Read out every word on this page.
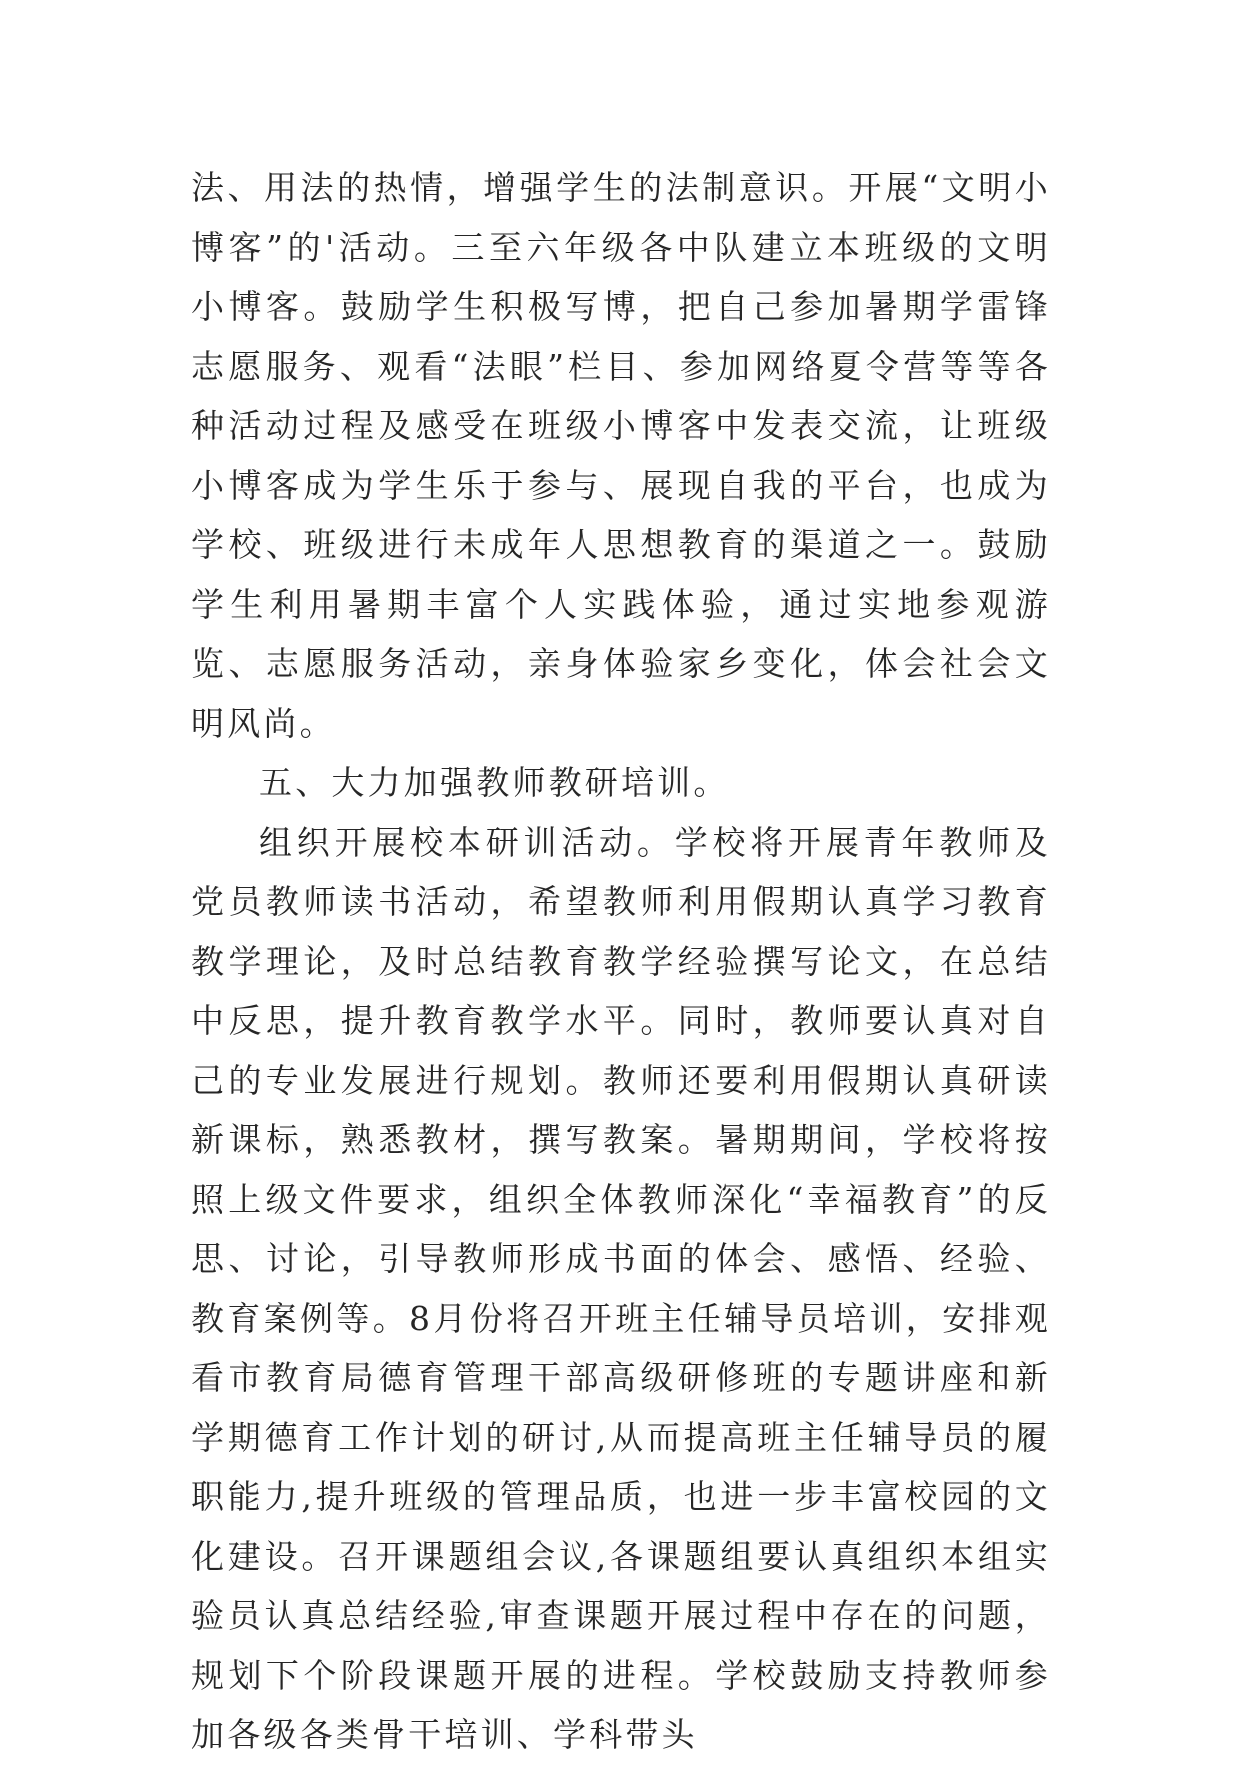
法、用法的热情，增强学生的法制意识。开展“文明小博客”的'活动。三至六年级各中队建立本班级的文明小博客。鼓励学生积极写博，把自己参加暑期学雷锋志愿服务、观看“法眼”栏目、参加网络夏令营等等各种活动过程及感受在班级小博客中发表交流，让班级小博客成为学生乐于参与、展现自我的平台，也成为学校、班级进行未成年人思想教育的渠道之一。鼓励学生利用暑期丰富个人实践体验，通过实地参观游览、志愿服务活动，亲身体验家乡变化，体会社会文明风尚。

五、大力加强教师教研培训。

组织开展校本研训活动。学校将开展青年教师及党员教师读书活动，希望教师利用假期认真学习教育教学理论，及时总结教育教学经验撰写论文，在总结中反思，提升教育教学水平。同时，教师要认真对自己的专业发展进行规划。教师还要利用假期认真研读新课标，熟悉教材，撰写教案。暑期期间，学校将按照上级文件要求，组织全体教师深化“幸福教育”的反思、讨论，引导教师形成书面的体会、感悟、经验、教育案例等。8月份将召开班主任辅导员培训，安排观看市教育局德育管理干部高级研修班的专题讲座和新学期德育工作计划的研讨,从而提高班主任辅导员的履职能力,提升班级的管理品质，也进一步丰富校园的文化建设。召开课题组会议,各课题组要认真组织本组实验员认真总结经验,审查课题开展过程中存在的问题，规划下个阶段课题开展的进程。学校鼓励支持教师参加各级各类骨干培训、学科带头
